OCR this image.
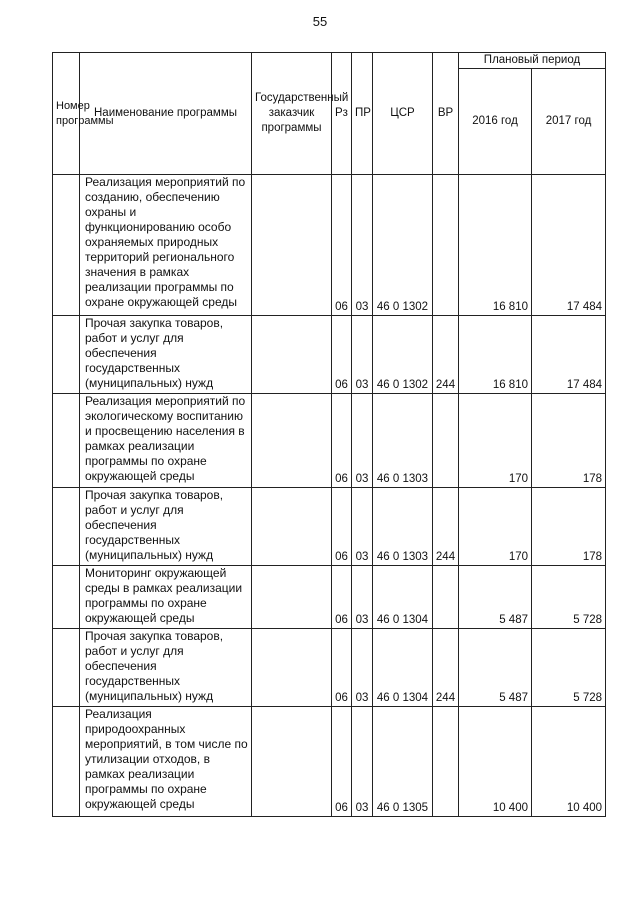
55
Номер программы	Наименование программы	Государственный заказчик программы	Рз	ПР	ЦСР	ВР	Плановый период	
							2016 год	2017 год
	Реализация мероприятий по созданию, обеспечению охраны и функционированию особо охраняемых природных территорий регионального значения в рамках реализации программы по охране окружающей среды		06	03	46 0 1302		16 810	17 484
	Прочая закупка товаров, работ и услуг для обеспечения государственных (муниципальных) нужд		06	03	46 0 1302	244	16 810	17 484
	Реализация мероприятий по экологическому воспитанию и просвещению населения в рамках реализации программы по охране окружающей среды		06	03	46 0 1303		170	178
	Прочая закупка товаров, работ и услуг для обеспечения государственных (муниципальных) нужд		06	03	46 0 1303	244	170	178
	Мониторинг окружающей среды в рамках реализации программы по охране окружающей среды		06	03	46 0 1304		5 487	5 728
	Прочая закупка товаров, работ и услуг для обеспечения государственных (муниципальных) нужд		06	03	46 0 1304	244	5 487	5 728
	Реализация природоохранных мероприятий, в том числе по утилизации отходов, в рамках реализации программы по охране окружающей среды		06	03	46 0 1305		10 400	10 400
